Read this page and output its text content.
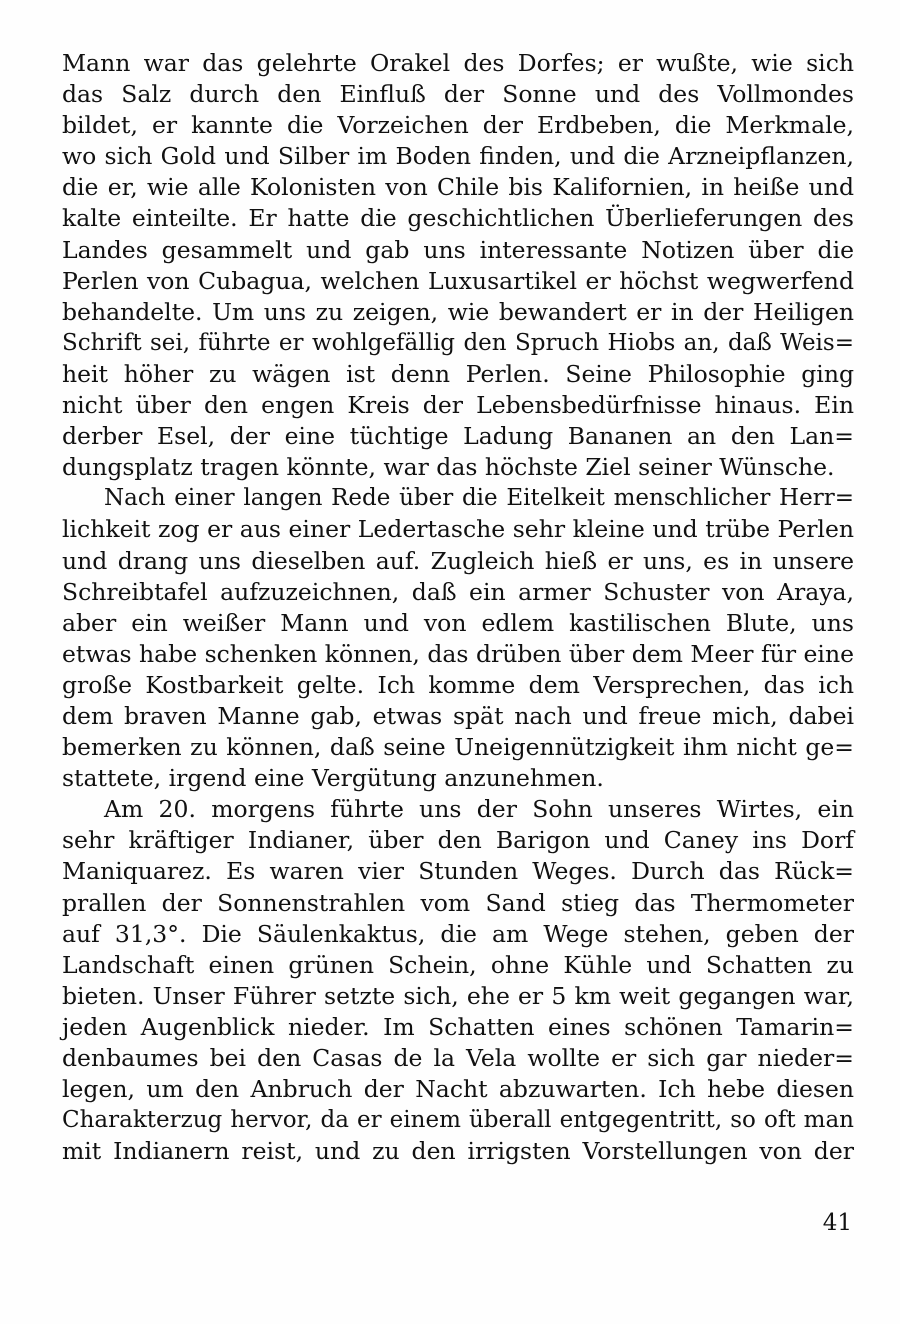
Mann war das gelehrte Orakel des Dorfes; er wußte, wie sich
das Salz durch den Einfluß der Sonne und des Vollmondes
bildet, er kannte die Vorzeichen der Erdbeben, die Merkmale,
wo sich Gold und Silber im Boden finden, und die Arzneipflanzen,
die er, wie alle Kolonisten von Chile bis Kalifornien, in heiße und
kalte einteilte. Er hatte die geschichtlichen Überlieferungen des
Landes gesammelt und gab uns interessante Notizen über die
Perlen von Cubagua, welchen Luxusartikel er höchst wegwerfend
behandelte. Um uns zu zeigen, wie bewandert er in der Heiligen
Schrift sei, führte er wohlgefällig den Spruch Hiobs an, daß Weis=
heit höher zu wägen ist denn Perlen. Seine Philosophie ging
nicht über den engen Kreis der Lebensbedürfnisse hinaus. Ein
derber Esel, der eine tüchtige Ladung Bananen an den Lan=
dungsplatz tragen könnte, war das höchste Ziel seiner Wünsche.
Nach einer langen Rede über die Eitelkeit menschlicher Herr=
lichkeit zog er aus einer Ledertasche sehr kleine und trübe Perlen
und drang uns dieselben auf. Zugleich hieß er uns, es in unsere
Schreibtafel aufzuzeichnen, daß ein armer Schuster von Araya,
aber ein weißer Mann und von edlem kastilischen Blute, uns
etwas habe schenken können, das drüben über dem Meer für eine
große Kostbarkeit gelte. Ich komme dem Versprechen, das ich
dem braven Manne gab, etwas spät nach und freue mich, dabei
bemerken zu können, daß seine Uneigennützigkeit ihm nicht ge=
stattete, irgend eine Vergütung anzunehmen.
Am 20. morgens führte uns der Sohn unseres Wirtes, ein
sehr kräftiger Indianer, über den Barigon und Caney ins Dorf
Maniquarez. Es waren vier Stunden Weges. Durch das Rück=
prallen der Sonnenstrahlen vom Sand stieg das Thermometer
auf 31,3°. Die Säulenkaktus, die am Wege stehen, geben der
Landschaft einen grünen Schein, ohne Kühle und Schatten zu
bieten. Unser Führer setzte sich, ehe er 5 km weit gegangen war,
jeden Augenblick nieder. Im Schatten eines schönen Tamarin=
denbaumes bei den Casas de la Vela wollte er sich gar nieder=
legen, um den Anbruch der Nacht abzuwarten. Ich hebe diesen
Charakterzug hervor, da er einem überall entgegentritt, so oft man
mit Indianern reist, und zu den irrigsten Vorstellungen von der
41
